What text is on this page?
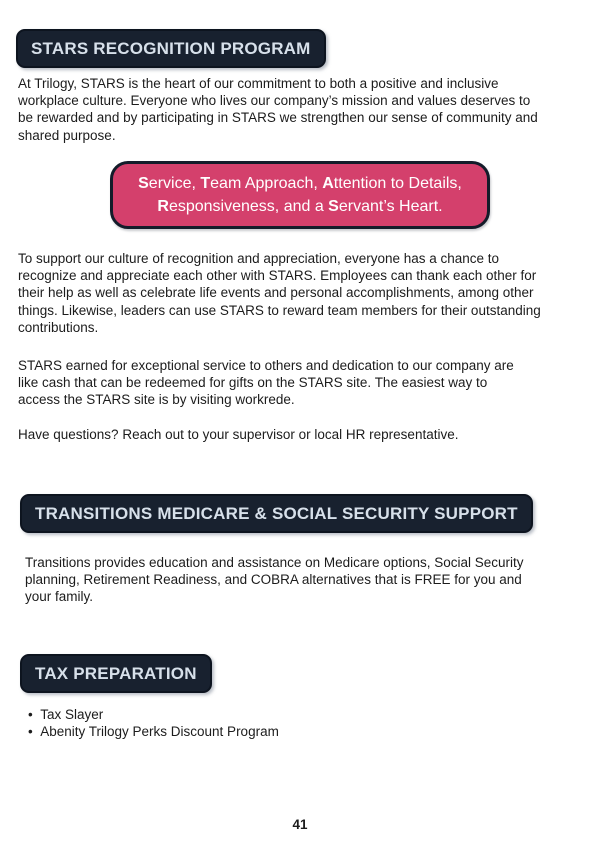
STARS RECOGNITION PROGRAM
At Trilogy, STARS is the heart of our commitment to both a positive and inclusive
workplace culture. Everyone who lives our company’s mission and values deserves to
be rewarded and by participating in STARS we strengthen our sense of community and
shared purpose.
Service, Team Approach, Attention to Details,
Responsiveness, and a Servant’s Heart.
To support our culture of recognition and appreciation, everyone has a chance to
recognize and appreciate each other with STARS. Employees can thank each other for
their help as well as celebrate life events and personal accomplishments, among other
things. Likewise, leaders can use STARS to reward team members for their outstanding
contributions.
STARS earned for exceptional service to others and dedication to our company are
like cash that can be redeemed for gifts on the STARS site. The easiest way to
access the STARS site is by visiting workrede.
Have questions? Reach out to your supervisor or local HR representative.
TRANSITIONS MEDICARE & SOCIAL SECURITY SUPPORT
Transitions provides education and assistance on Medicare options, Social Security
planning, Retirement Readiness, and COBRA alternatives that is FREE for you and
your family.
TAX PREPARATION
•  Tax Slayer
•  Abenity Trilogy Perks Discount Program
41
